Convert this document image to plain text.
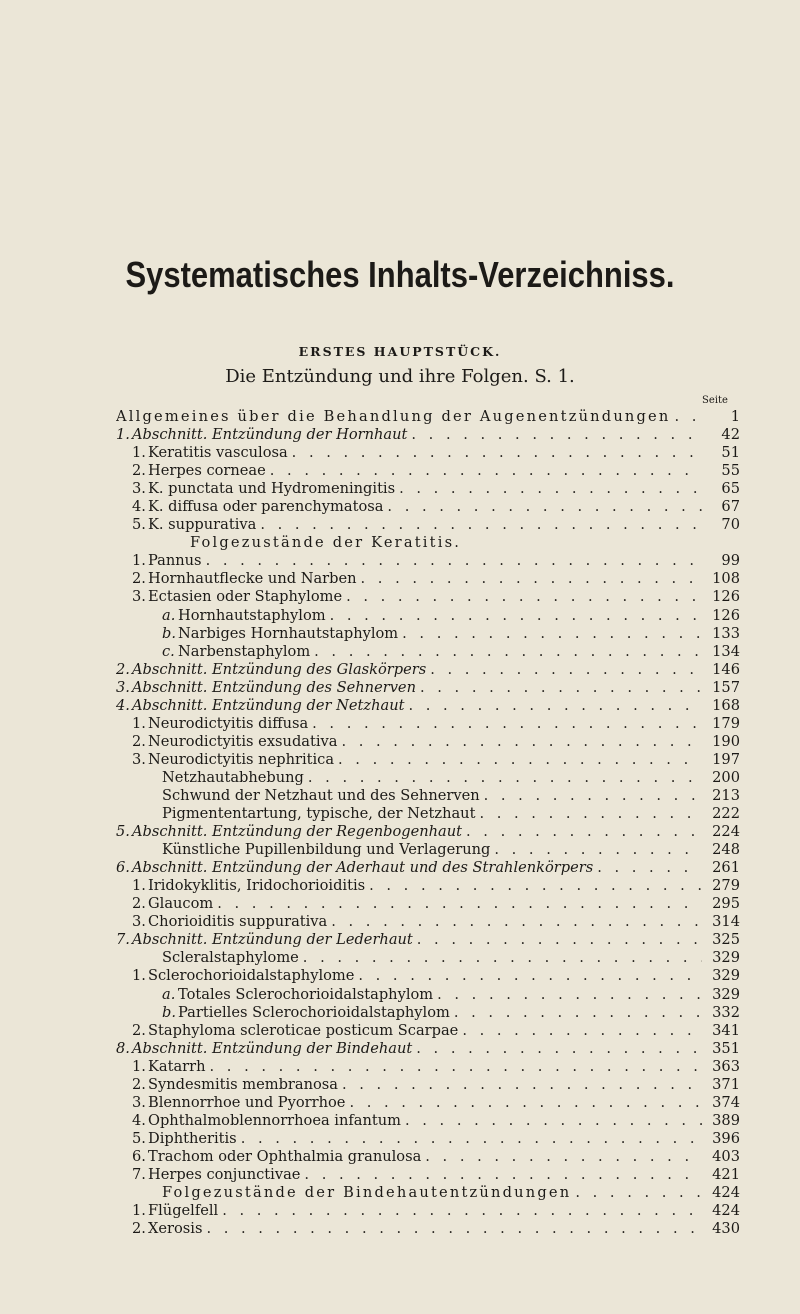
Systematisches Inhalts-Verzeichniss.
ERSTES HAUPTSTÜCK.
Die Entzündung und ihre Folgen. S. 1.
Seite
Allgemeines über die Behandlung der Augenentzündungen . . .	1
1. Abschnitt. Entzündung der Hornhaut . . .	42
1. Keratitis vasculosa . . .	51
2. Herpes corneae . . .	55
3. K. punctata und Hydromeningitis . . .	65
4. K. diffusa oder parenchymatosa . . .	67
5. K. suppurativa . . .	70
Folgezustände der Keratitis.
1. Pannus . . .	99
2. Hornhautflecke und Narben . . .	108
3. Ectasien oder Staphylome . . .	126
a. Hornhautstaphylom . . .	126
b. Narbiges Hornhautstaphylom . . .	133
c. Narbenstaphylom . . .	134
2. Abschnitt. Entzündung des Glaskörpers . . .	146
3. Abschnitt. Entzündung des Sehnerven . . .	157
4. Abschnitt. Entzündung der Netzhaut . . .	168
1. Neurodictyitis diffusa . . .	179
2. Neurodictyitis exsudativa . . .	190
3. Neurodictyitis nephritica . . .	197
Netzhautabhebung . . .	200
Schwund der Netzhaut und des Sehnerven . . .	213
Pigmententartung, typische, der Netzhaut . . .	222
5. Abschnitt. Entzündung der Regenbogenhaut . . .	224
Künstliche Pupillenbildung und Verlagerung . . .	248
6. Abschnitt. Entzündung der Aderhaut und des Strahlenkörpers . . .	261
1. Iridokyklitis, Iridochorioiditis . . .	279
2. Glaucom . . .	295
3. Chorioiditis suppurativa . . .	314
7. Abschnitt. Entzündung der Lederhaut . . .	325
Scleralstaphylome . . .	329
1. Sclerochorioidalstaphylome . . .	329
a. Totales Sclerochorioidalstaphylom . . .	329
b. Partielles Sclerochorioidalstaphylom . . .	332
2. Staphyloma scleroticae posticum Scarpae . . .	341
8. Abschnitt. Entzündung der Bindehaut . . .	351
1. Katarrh . . .	363
2. Syndesmitis membranosa . . .	371
3. Blennorrhoe und Pyorrhoe . . .	374
4. Ophthalmoblennorrhoea infantum . . .	389
5. Diphtheritis . . .	396
6. Trachom oder Ophthalmia granulosa . . .	403
7. Herpes conjunctivae . . .	421
Folgezustände der Bindehautentzündungen . . .	424
1. Flügelfell . . .	424
2. Xerosis . . .	430
